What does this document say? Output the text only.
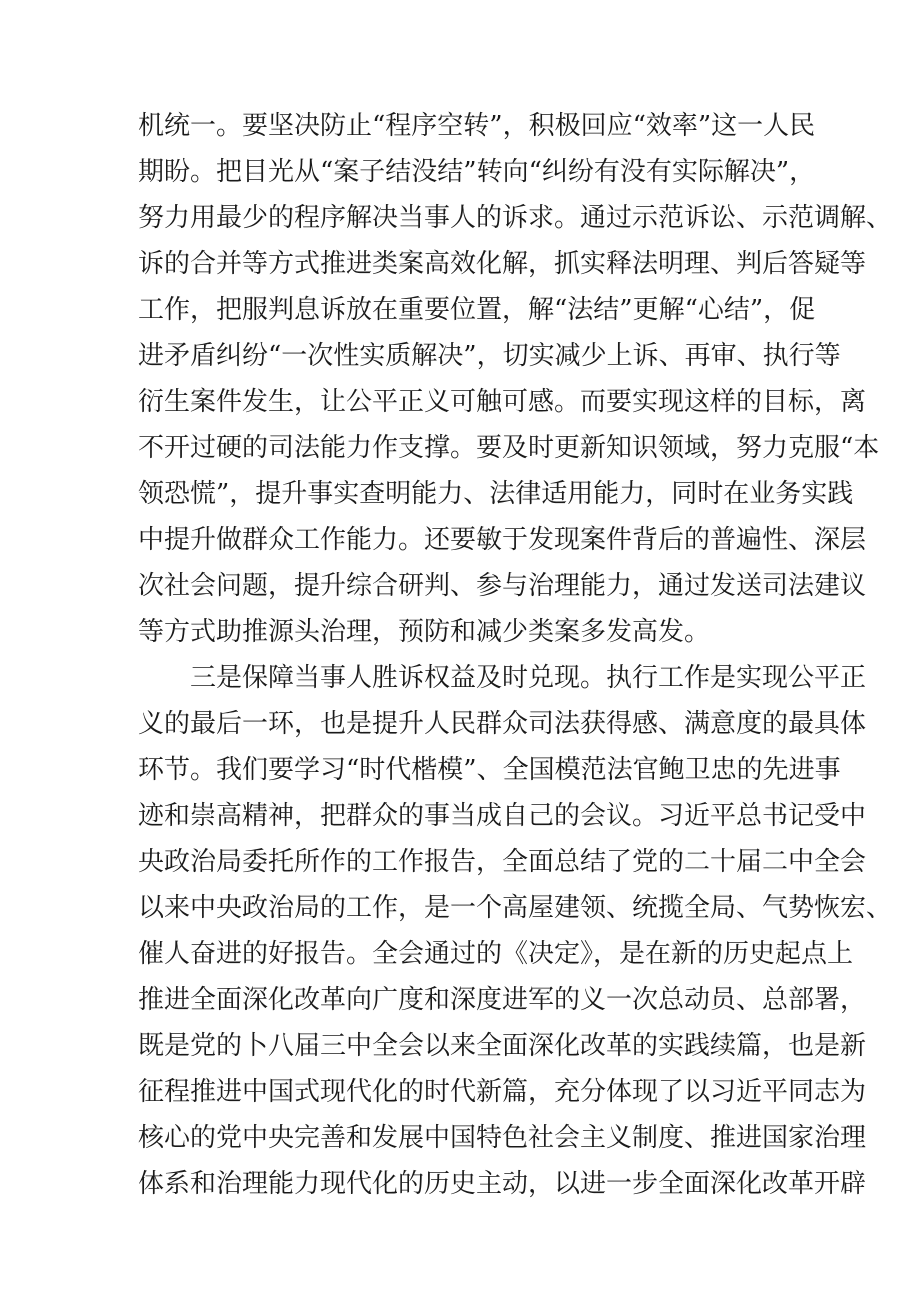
机统一。要坚决防止“程序空转”，积极回应“效率”这一人民
期盼。把目光从“案子结没结”转向“纠纷有没有实际解决”，
努力用最少的程序解决当事人的诉求。通过示范诉讼、示范调解、
诉的合并等方式推进类案高效化解，抓实释法明理、判后答疑等
工作，把服判息诉放在重要位置，解“法结”更解“心结”，促
进矛盾纠纷“一次性实质解决”，切实减少上诉、再审、执行等
衍生案件发生，让公平正义可触可感。而要实现这样的目标，离
不开过硬的司法能力作支撑。要及时更新知识领域，努力克服“本
领恐慌”，提升事实查明能力、法律适用能力，同时在业务实践
中提升做群众工作能力。还要敏于发现案件背后的普遍性、深层
次社会问题，提升综合研判、参与治理能力，通过发送司法建议
等方式助推源头治理，预防和减少类案多发高发。
三是保障当事人胜诉权益及时兑现。执行工作是实现公平正
义的最后一环，也是提升人民群众司法获得感、满意度的最具体
环节。我们要学习“时代楷模”、全国模范法官鲍卫忠的先进事
迹和崇高精神，把群众的事当成自己的会议。习近平总书记受中
央政治局委托所作的工作报告，全面总结了党的二十届二中全会
以来中央政治局的工作，是一个高屋建领、统揽全局、气势恢宏、
催人奋进的好报告。全会通过的《决定》，是在新的历史起点上
推进全面深化改革向广度和深度进军的义一次总动员、总部署，
既是党的卜八届三中全会以来全面深化改革的实践续篇，也是新
征程推进中国式现代化的时代新篇，充分体现了以习近平同志为
核心的党中央完善和发展中国特色社会主义制度、推进国家治理
体系和治理能力现代化的历史主动，以进一步全面深化改革开辟
